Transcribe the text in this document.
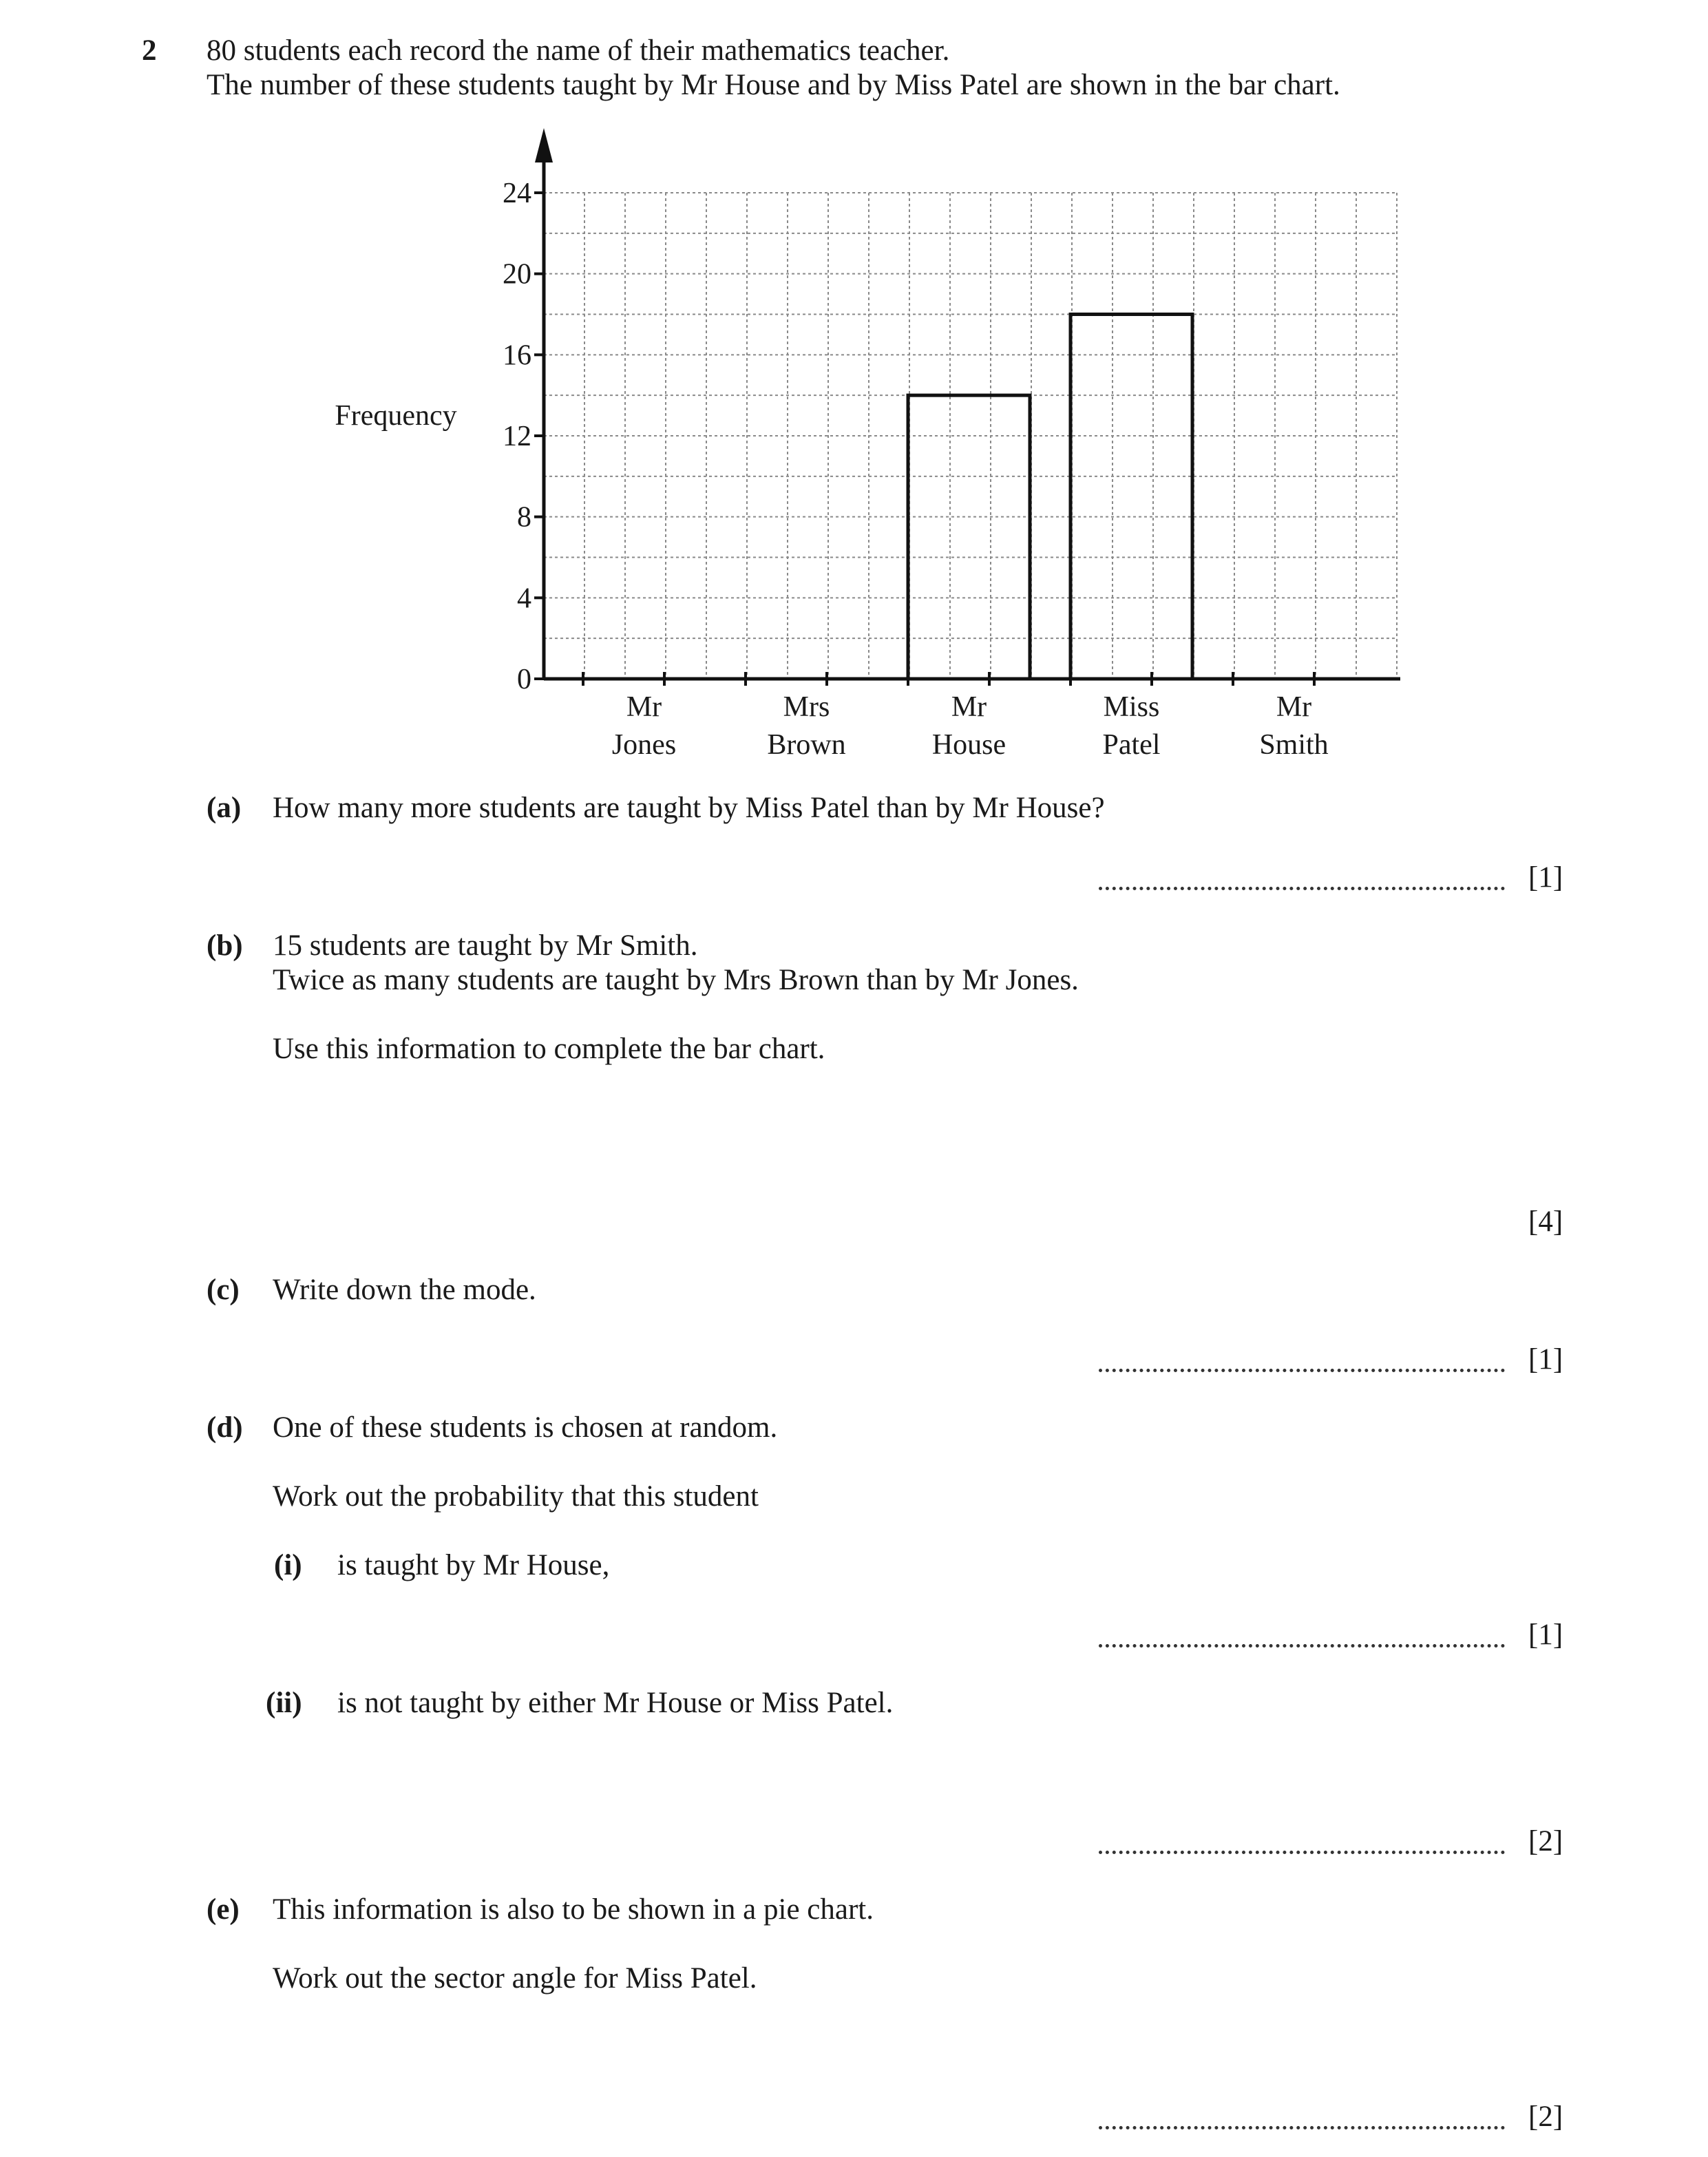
2 80 students each record the name of their mathematics teacher.
The number of these students taught by Mr House and by Miss Patel are shown in the bar chart.
0
4
8
12
16
20
24
Mr
Jones
Mrs
Brown
Mr
House
Miss
Patel
Mr
Smith
Frequency
(a) How many more students are taught by Miss Patel than by Mr House?
[1]
(b) 15 students are taught by Mr Smith.
Twice as many students are taught by Mrs Brown than by Mr Jones.
Use this information to complete the bar chart.
[4]
(c) Write down the mode.
[1]
(d) One of these students is chosen at random.
Work out the probability that this student
(i) is taught by Mr House,
[1]
(ii) is not taught by either Mr House or Miss Patel.
[2]
(e) This information is also to be shown in a pie chart.
Work out the sector angle for Miss Patel.
[2]
